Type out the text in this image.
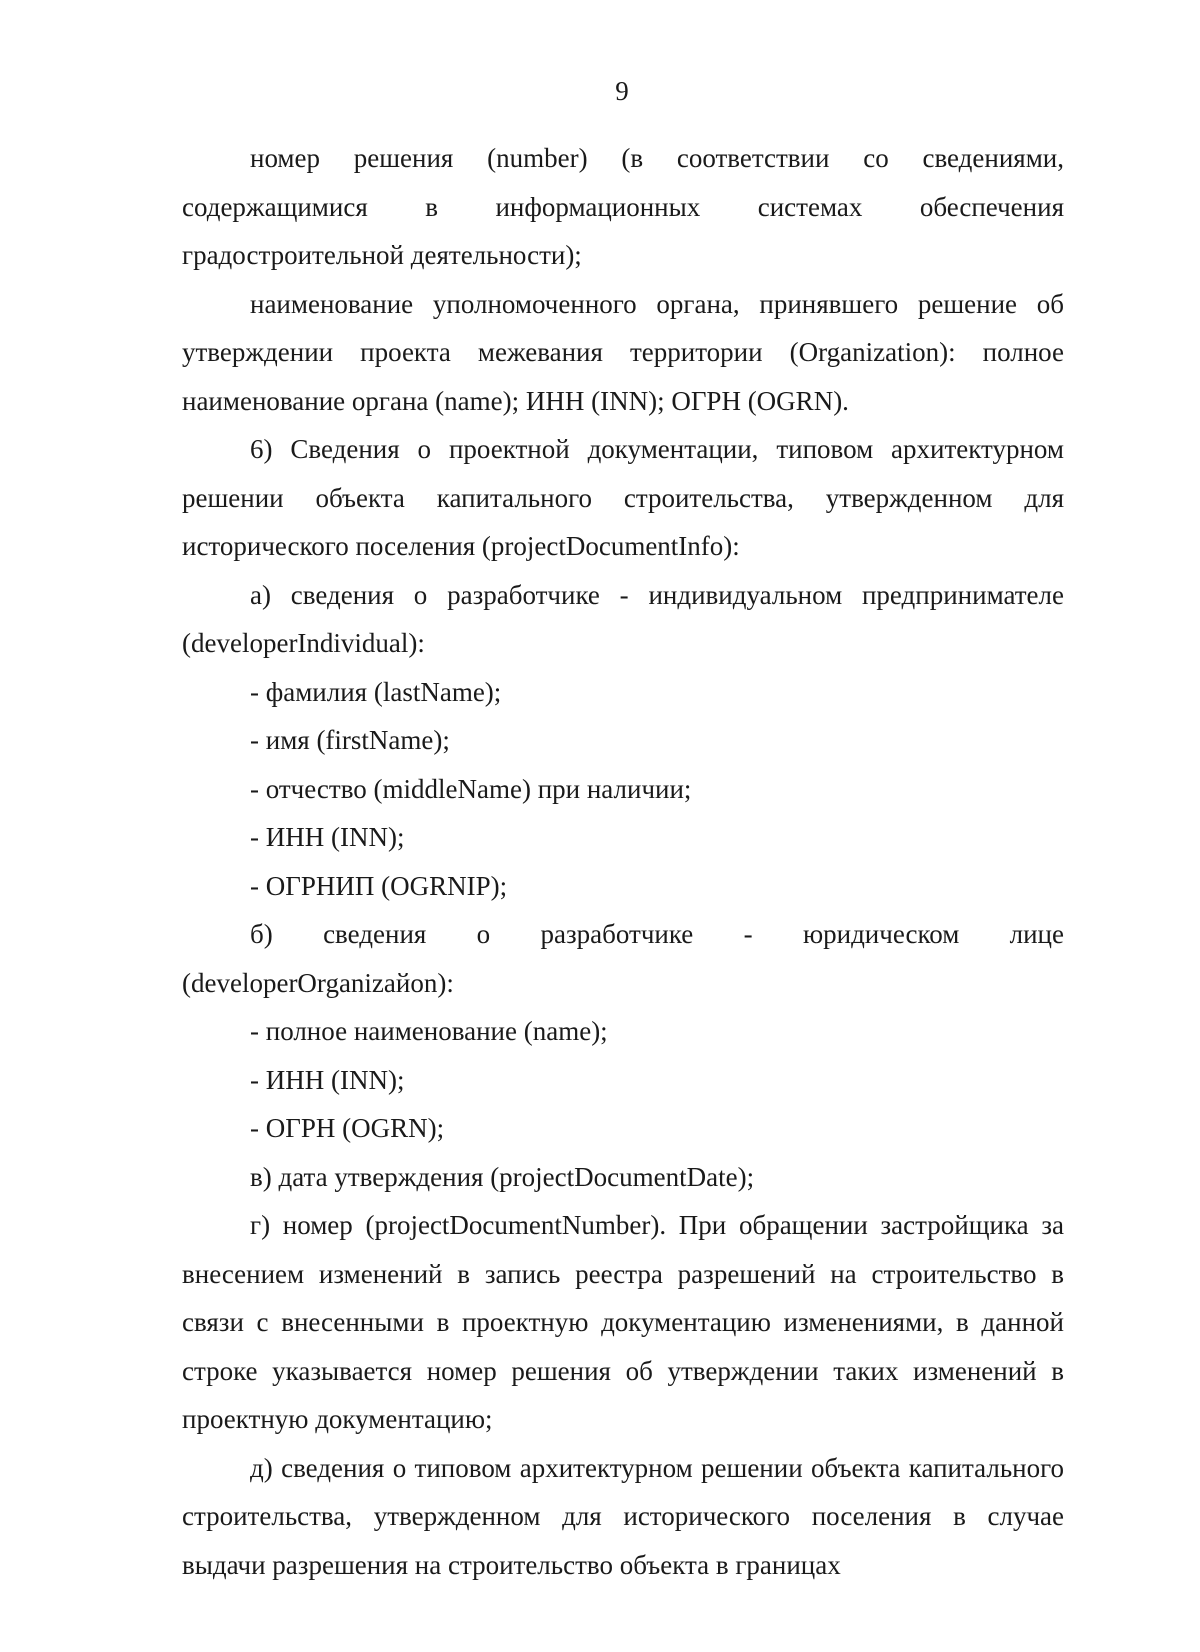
9

номер решения (number) (в соответствии со сведениями, содержащимися в информационных системах обеспечения градостроительной деятельности);

наименование уполномоченного органа, принявшего решение об утверждении проекта межевания территории (Organization): полное наименование органа (name); ИНН (INN); ОГРН (OGRN).

6) Сведения о проектной документации, типовом архитектурном решении объекта капитального строительства, утвержденном для исторического поселения (projectDocumentInfo):

а) сведения о разработчике - индивидуальном предпринимателе (developerIndividual):

- фамилия (lastName);

- имя (firstName);

- отчество (middleName) при наличии;

- ИНН (INN);

- ОГРНИП (OGRNIP);

б) сведения о разработчике - юридическом лице (developerOrganizaйon):

- полное наименование (name);

- ИНН (INN);

- ОГРН (OGRN);

в) дата утверждения (projectDocumentDate);

г) номер (projectDocumentNumber). При обращении застройщика за внесением изменений в запись реестра разрешений на строительство в связи с внесенными в проектную документацию изменениями, в данной строке указывается номер решения об утверждении таких изменений в проектную документацию;

д) сведения о типовом архитектурном решении объекта капитального строительства, утвержденном для исторического поселения в случае выдачи разрешения на строительство объекта в границах
